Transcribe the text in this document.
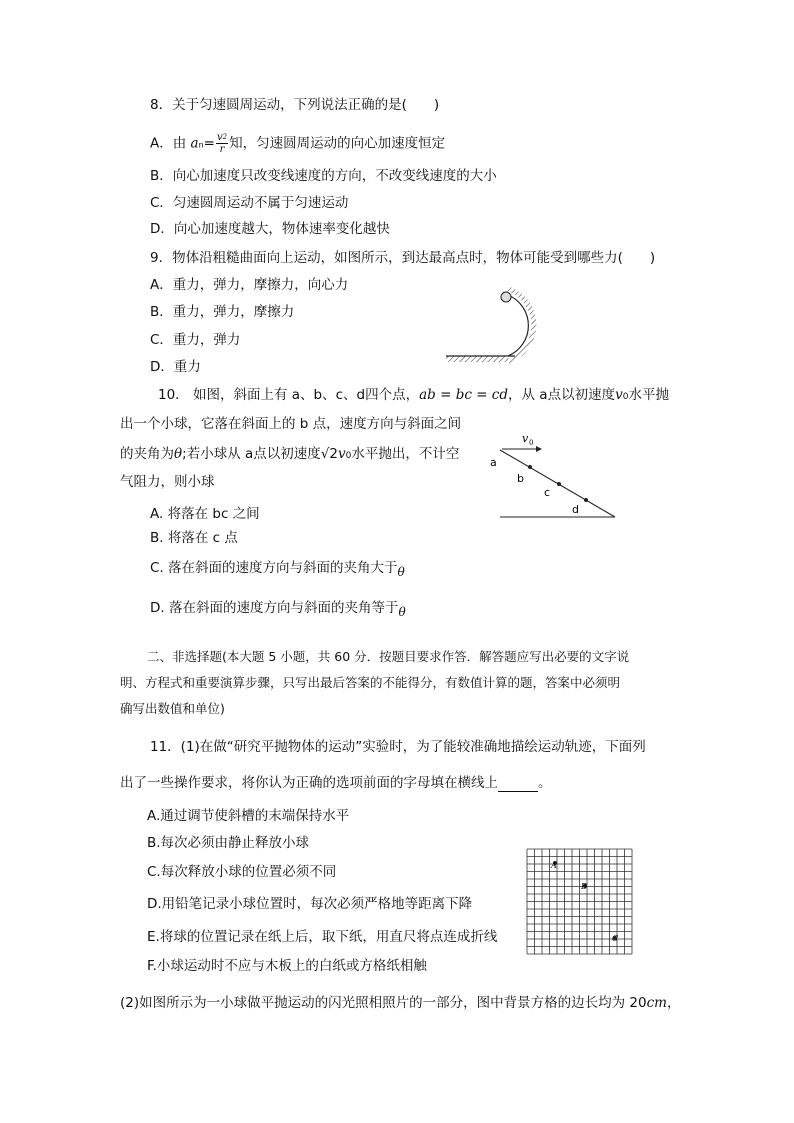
8．关于匀速圆周运动，下列说法正确的是(　　)
A．由 $an= \frac{v^2}{r}$ 知，匀速圆周运动的向心加速度恒定
B．向心加速度只改变线速度的方向，不改变线速度的大小
C．匀速圆周运动不属于匀速运动
D．向心加速度越大，物体速率变化越快
9．物体沿粗糙曲面向上运动，如图所示，到达最高点时，物体可能受到哪些力(　　)
A．重力，弹力，摩擦力，向心力
B．重力，弹力，摩擦力
C．重力，弹力
D．重力
10． 如图，斜面上有 a、b、c、d四个点，ab = bc = cd，从 a点以初速度v0水平抛
出一个小球，它落在斜面上的 b 点，速度方向与斜面之间
的夹角为θ;若小球从 a点以初速度√2v0水平抛出，不计空
气阻力，则小球
A. 将落在 bc 之间
B. 将落在 c 点
C. 落在斜面的速度方向与斜面的夹角大于θ
D. 落在斜面的速度方向与斜面的夹角等于θ
v 0
a
b
c
d
二、非选择题(本大题 5 小题，共 60 分．按题目要求作答．解答题应写出必要的文字说
明、方程式和重要演算步骤，只写出最后答案的不能得分，有数值计算的题，答案中必须明
确写出数值和单位)
11．(1)在做“研究平抛物体的运动”实验时，为了能较准确地描绘运动轨迹，下面列
出了一些操作要求，将你认为正确的选项前面的字母填在横线上	。
A.通过调节使斜槽的末端保持水平
B.每次必须由静止释放小球
C.每次释放小球的位置必须不同
D.用铅笔记录小球位置时，每次必须严格地等距离下降
E.将球的位置记录在纸上后，取下纸，用直尺将点连成折线
F.小球运动时不应与木板上的白纸或方格纸相触
(2)如图所示为一小球做平抛运动的闪光照相照片的一部分，图中背景方格的边长均为 20cm，
A
B
C
